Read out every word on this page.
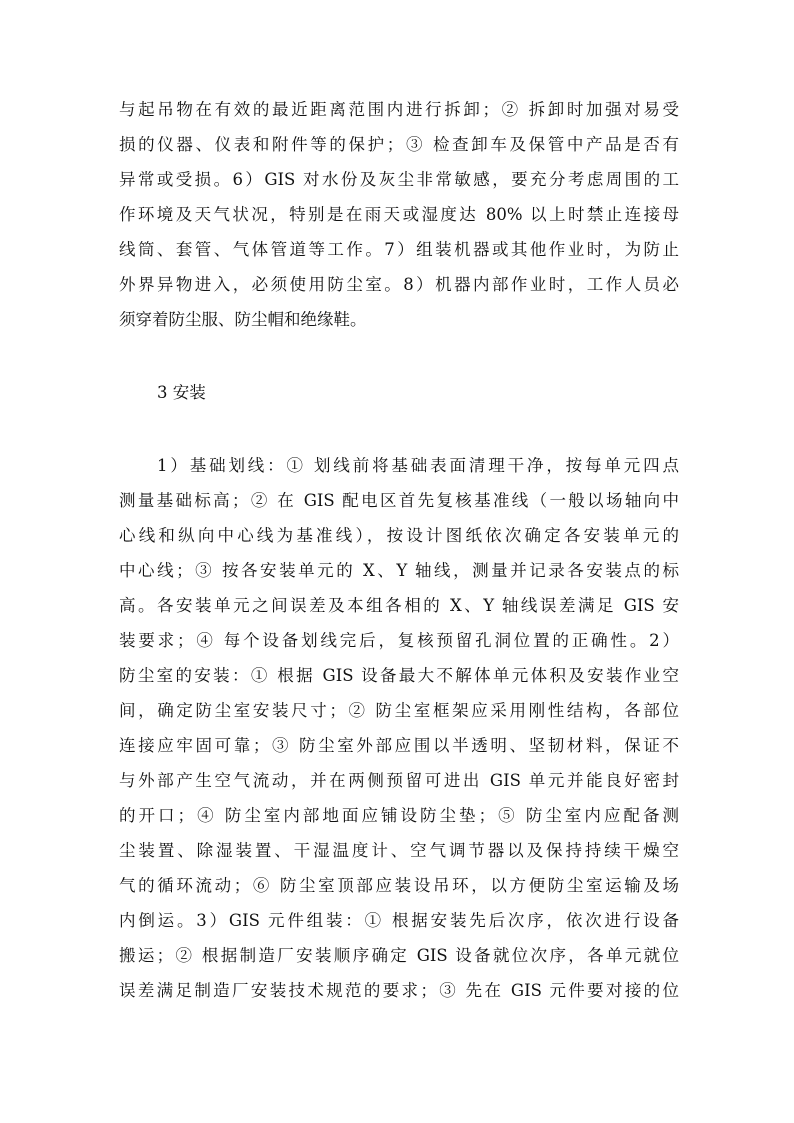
与起吊物在有效的最近距离范围内进行拆卸；② 拆卸时加强对易受
损的仪器、仪表和附件等的保护；③ 检查卸车及保管中产品是否有
异常或受损。6）GIS 对水份及灰尘非常敏感，要充分考虑周围的工
作环境及天气状况，特别是在雨天或湿度达 80% 以上时禁止连接母
线筒、套管、气体管道等工作。7）组装机器或其他作业时，为防止
外界异物进入，必须使用防尘室。8）机器内部作业时，工作人员必
须穿着防尘服、防尘帽和绝缘鞋。
3 安装
1）基础划线：① 划线前将基础表面清理干净，按每单元四点
测量基础标高；② 在 GIS 配电区首先复核基准线（一般以场轴向中
心线和纵向中心线为基准线），按设计图纸依次确定各安装单元的
中心线；③ 按各安装单元的 X、Y 轴线，测量并记录各安装点的标
高。各安装单元之间误差及本组各相的 X、Y 轴线误差满足 GIS 安
装要求；④ 每个设备划线完后，复核预留孔洞位置的正确性。2）
防尘室的安装：① 根据 GIS 设备最大不解体单元体积及安装作业空
间，确定防尘室安装尺寸；② 防尘室框架应采用刚性结构，各部位
连接应牢固可靠；③ 防尘室外部应围以半透明、坚韧材料，保证不
与外部产生空气流动，并在两侧预留可进出 GIS 单元并能良好密封
的开口；④ 防尘室内部地面应铺设防尘垫；⑤ 防尘室内应配备测
尘装置、除湿装置、干湿温度计、空气调节器以及保持持续干燥空
气的循环流动；⑥ 防尘室顶部应装设吊环，以方便防尘室运输及场
内倒运。3）GIS 元件组装：① 根据安装先后次序，依次进行设备
搬运；② 根据制造厂安装顺序确定 GIS 设备就位次序，各单元就位
误差满足制造厂安装技术规范的要求；③ 先在 GIS 元件要对接的位
